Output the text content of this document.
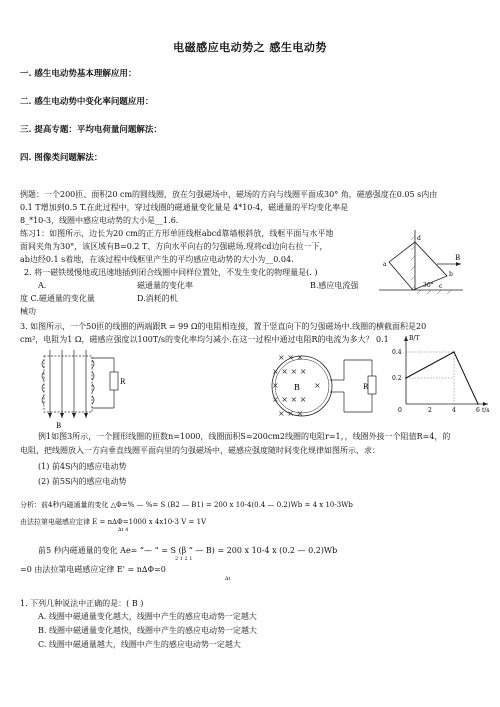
电磁感应电动势之 感生电动势
一. 感生电动势基本理解应用：
二. 感生电动势中变化率问题应用：
三. 提高专题：平均电荷量问题解法：
四. 图像类问题解法：
例题：一个200匝、面积20 cm的圆线圈，放在匀强磁场中，磁场的方向与线圈平面成30° 角，磁感强度在0.05 s内由
0.1 T增加到0.5 T.在此过程中，穿过线圈的磁通量变化量是 4*10-4，磁通量的平均变化率是
8_*10-3，线圈中感应电动势的大小是__1.6.
练习1：如图所示，边长为20 cm的正方形单匝线框abcd靠墙根斜放，线框平面与水平地
面间夹角为30°，该区域有B=0.2 T、方向水平向右的匀强磁场.现将cd边向右拉一下，
ab边经0.1 s着地，在该过程中线框里产生的平均感应电动势的大小为__0.04.	B
d
a
b
c
30°
2. 将一磁铁缓慢地或迅速地插到闭合线圈中同样位置处，不发生变化的物理量是(. )
A.	磁通量的变化率	B.感应电流强
度 C.磁通量的变化量	D.消耗的机
械功
3. 如图所示，一个50匝的线圈的两端跟R = 99 Ω的电阻相连接，置于竖直向下的匀强磁场中.线圈的横截面积是20
cm²，电阻为1 Ω，磁感应强度以100T/s的变化率均匀减小.在这一过程中通过电阻R的电流为多大？ 0.1
R
B
× × ×
× × × ×
×	×
× × × ×
× × ×
B	R
B/T
t/s
0.4
0.2
0	2	4	6
例1如图3所示，一个圆形线圈的匝数n=1000，线圈面积S=200cm2线圈的电阻r=1，，线圈外接一个阻值R=4，的
电阻，把线圈放入一方向垂直线圈平面向里的匀强磁场中，磁感应强度随时间变化规律如图所示，求：
(1) 前4S内的感应电动势
(2) 前5S内的感应电动势
分析：前4秒内磁通量的变化 △Φ=% — %= S (B2 — B1) = 200 x 10-4(0.4 — 0.2)Wb = 4 x 10-3Wb
由法拉第电磁感应定律 E = n∆Φ=1000 x 4x10-3 V = 1V
∆t 4
前5 秒内磁通量的变化 Ae= “— “ = S (β “ — B) = 200 x 10-4 x (0.2 — 0.2)Wb
2 1 2 1
=0 由法拉第电磁感应定律 E' = n∆Φ=0
∆t
1. 下列几种说法中正确的是：( B )
A. 线圈中磁通量变化越大，线圈中产生的感应电动势一定越大
B. 线圈中磁通量变化越快，线圈中产生的感应电动势一定越大
C. 线圈中磁通量越大，线圈中产生的感应电动势一定越大
